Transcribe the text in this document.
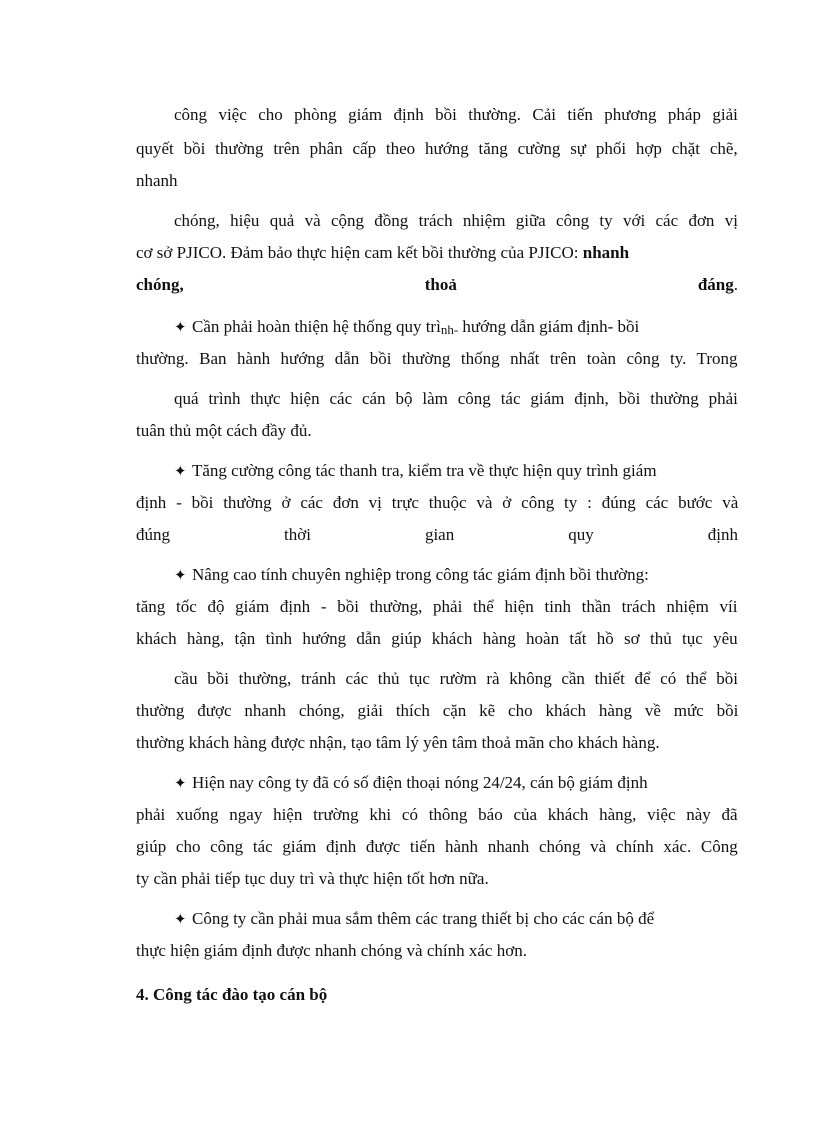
công việc cho phòng giám định bồi thường. Cải tiến phương pháp giải
quyết bồi thường trên phân cấp theo hướng tăng cường sự phối hợp chặt chẽ,
nhanh
chóng, hiệu quả và cộng đồng trách nhiệm giữa công ty với các đơn vị
cơ sở PJICO. Đảm bảo thực hiện cam kết bồi thường của PJICO: nhanh
chóng,	thoả	đáng.
✦ Cần phải hoàn thiện hệ thống quy trình- hướng dẫn giám định- bồi
thường. Ban hành hướng dẫn bồi thường thống nhất trên toàn công ty. Trong
quá trình thực hiện các cán bộ làm công tác giám định, bồi thường phải
tuân thủ một cách đầy đủ.
✦ Tăng cường công tác thanh tra, kiểm tra về thực hiện quy trình giám
định - bồi thường ở các đơn vị trực thuộc và ở công ty : đúng các bước và
đúng	thời	gian	quy	định
✦ Nâng cao tính chuyên nghiệp trong công tác giám định bồi thường:
tăng tốc độ giám định - bồi thường, phải thể hiện tinh thần trách nhiệm víi
khách hàng, tận tình hướng dẫn giúp khách hàng hoàn tất hồ sơ thủ tục yêu
cầu bồi thường, tránh các thủ tục rườm rà không cần thiết để có thể bồi
thường được nhanh chóng, giải thích cặn kẽ cho khách hàng về mức bồi
thường khách hàng được nhận, tạo tâm lý yên tâm thoả mãn cho khách hàng.
✦ Hiện nay công ty đã có số điện thoại nóng 24/24, cán bộ giám định
phải xuống ngay hiện trường khi có thông báo của khách hàng, việc này đã
giúp cho công tác giám định được tiến hành nhanh chóng và chính xác. Công
ty cần phải tiếp tục duy trì và thực hiện tốt hơn nữa.
✦ Công ty cần phải mua sắm thêm các trang thiết bị cho các cán bộ để
thực hiện giám định được nhanh chóng và chính xác hơn.
4. Công tác đào tạo cán bộ
